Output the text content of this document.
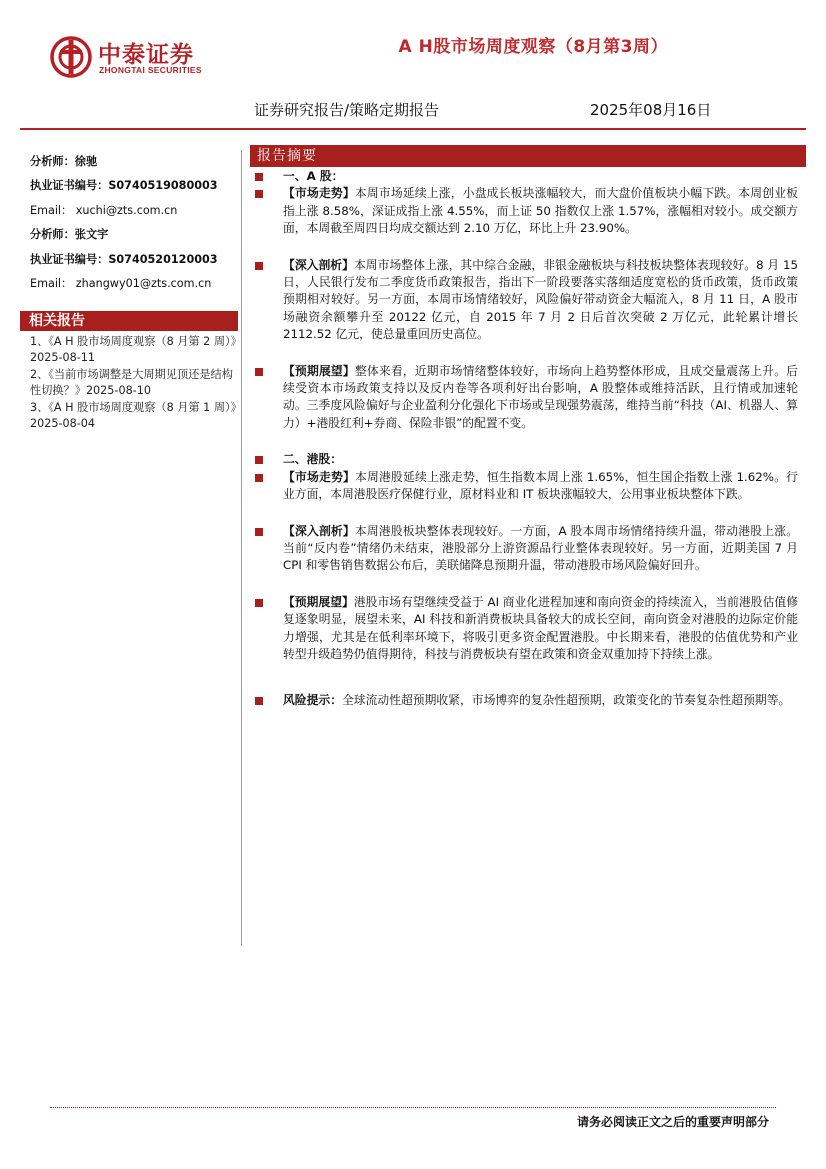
中泰证券
ZHONGTAI SECURITIES
A H股市场周度观察（8月第3周）
证券研究报告/策略定期报告	2025年08月16日
分析师：徐驰
执业证书编号：S0740519080003
Email： xuchi@zts.com.cn
分析师：张文宇
执业证书编号：S0740520120003
Email： zhangwy01@zts.com.cn
相关报告
1、《A H 股市场周度观察（8 月第 2 周）》2025-08-11
2、《当前市场调整是大周期见顶还是结构性切换？》2025-08-10
3、《A H 股市场周度观察（8 月第 1 周）》2025-08-04
报告摘要
一、A 股：
【市场走势】本周市场延续上涨，小盘成长板块涨幅较大，而大盘价值板块小幅下跌。本周创业板指上涨 8.58%，深证成指上涨 4.55%，而上证 50 指数仅上涨 1.57%，涨幅相对较小。成交额方面，本周截至周四日均成交额达到 2.10 万亿，环比上升 23.90%。
【深入剖析】本周市场整体上涨，其中综合金融，非银金融板块与科技板块整体表现较好。8 月 15 日，人民银行发布二季度货币政策报告，指出下一阶段要落实落细适度宽松的货币政策，货币政策预期相对较好。另一方面，本周市场情绪较好，风险偏好带动资金大幅流入，8 月 11 日，A 股市场融资余额攀升至 20122 亿元，自 2015 年 7 月 2 日后首次突破 2 万亿元，此轮累计增长 2112.52 亿元，使总量重回历史高位。
【预期展望】整体来看，近期市场情绪整体较好，市场向上趋势整体形成，且成交量震荡上升。后续受资本市场政策支持以及反内卷等各项利好出台影响，A 股整体或维持活跃，且行情或加速轮动。三季度风险偏好与企业盈利分化强化下市场或呈现强势震荡，维持当前“科技（AI、机器人、算力）+港股红利+券商、保险非银”的配置不变。
二、港股：
【市场走势】本周港股延续上涨走势，恒生指数本周上涨 1.65%，恒生国企指数上涨 1.62%。行业方面，本周港股医疗保健行业，原材料业和 IT 板块涨幅较大，公用事业板块整体下跌。
【深入剖析】本周港股板块整体表现较好。一方面，A 股本周市场情绪持续升温，带动港股上涨。当前“反内卷”情绪仍未结束，港股部分上游资源品行业整体表现较好。另一方面，近期美国 7 月 CPI 和零售销售数据公布后，美联储降息预期升温，带动港股市场风险偏好回升。
【预期展望】港股市场有望继续受益于 AI 商业化进程加速和南向资金的持续流入，当前港股估值修复逐象明显，展望未来，AI 科技和新消费板块具备较大的成长空间，南向资金对港股的边际定价能力增强，尤其是在低利率环境下，将吸引更多资金配置港股。中长期来看，港股的估值优势和产业转型升级趋势仍值得期待，科技与消费板块有望在政策和资金双重加持下持续上涨。
风险提示：全球流动性超预期收紧，市场博弈的复杂性超预期，政策变化的节奏复杂性超预期等。
请务必阅读正文之后的重要声明部分
